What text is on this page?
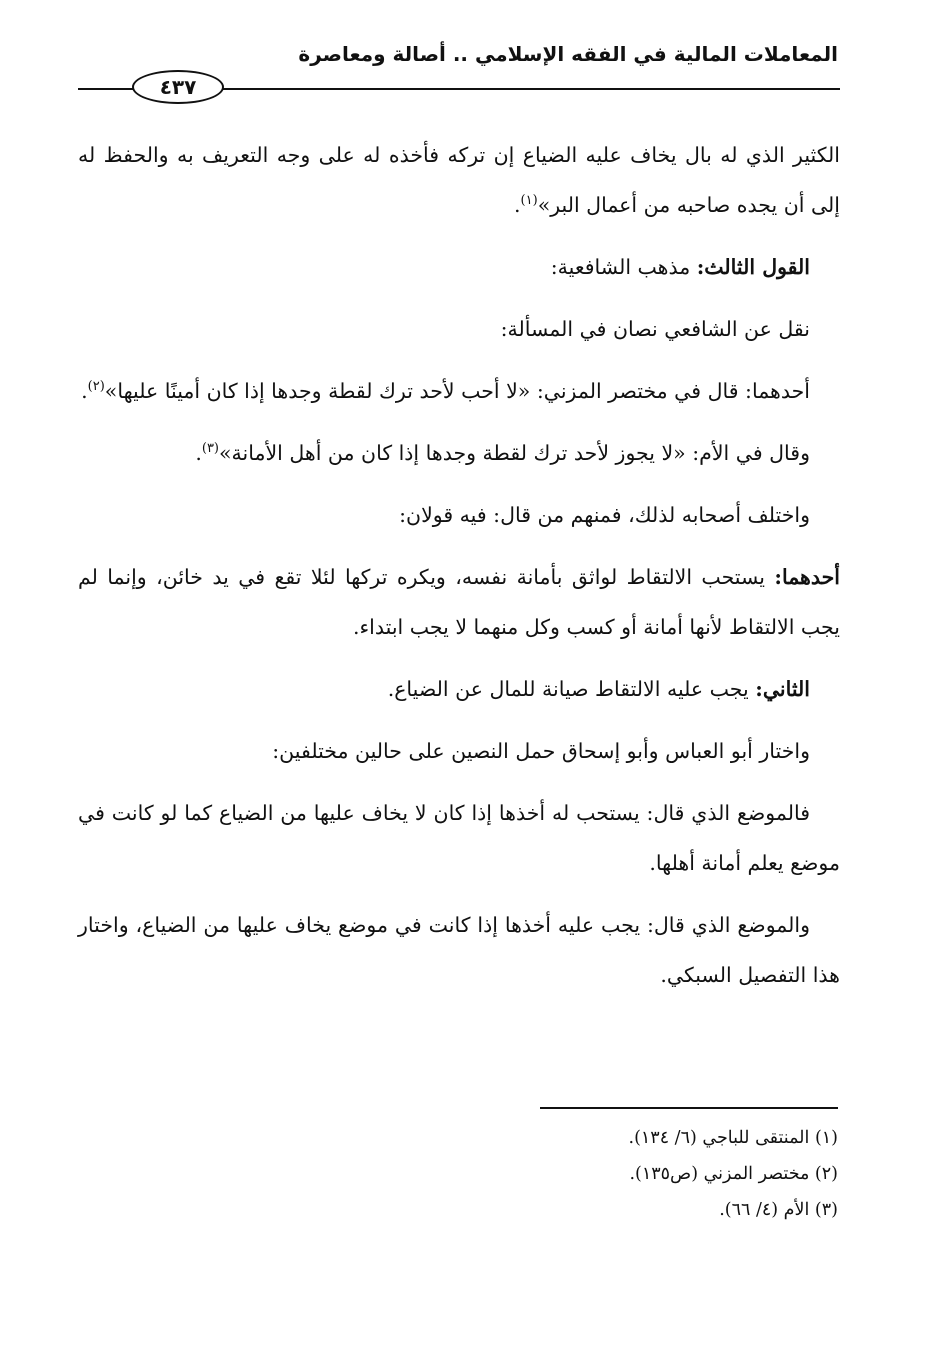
المعاملات المالية في الفقه الإسلامي .. أصالة ومعاصرة
٤٣٧

الكثير الذي له بال يخاف عليه الضياع إن تركه فأخذه له على وجه التعريف به والحفظ له إلى أن يجده صاحبه من أعمال البر»$^{(١)}$.

القول الثالث: مذهب الشافعية:

نقل عن الشافعي نصان في المسألة:

أحدهما: قال في مختصر المزني: «لا أحب لأحد ترك لقطة وجدها إذا كان أمينًا عليها»$^{(٢)}$.

وقال في الأم: «لا يجوز لأحد ترك لقطة وجدها إذا كان من أهل الأمانة»$^{(٣)}$.

واختلف أصحابه لذلك، فمنهم من قال: فيه قولان:

أحدهما: يستحب الالتقاط لواثق بأمانة نفسه، ويكره تركها لئلا تقع في يد خائن، وإنما لم يجب الالتقاط لأنها أمانة أو كسب وكل منهما لا يجب ابتداء.

الثاني: يجب عليه الالتقاط صيانة للمال عن الضياع.

واختار أبو العباس وأبو إسحاق حمل النصين على حالين مختلفين:

فالموضع الذي قال: يستحب له أخذها إذا كان لا يخاف عليها من الضياع كما لو كانت في موضع يعلم أمانة أهلها.

والموضع الذي قال: يجب عليه أخذها إذا كانت في موضع يخاف عليها من الضياع، واختار هذا التفصيل السبكي.

(١) المنتقى للباجي (٦/ ١٣٤).
(٢) مختصر المزني (ص١٣٥).
(٣) الأم (٤/ ٦٦).
